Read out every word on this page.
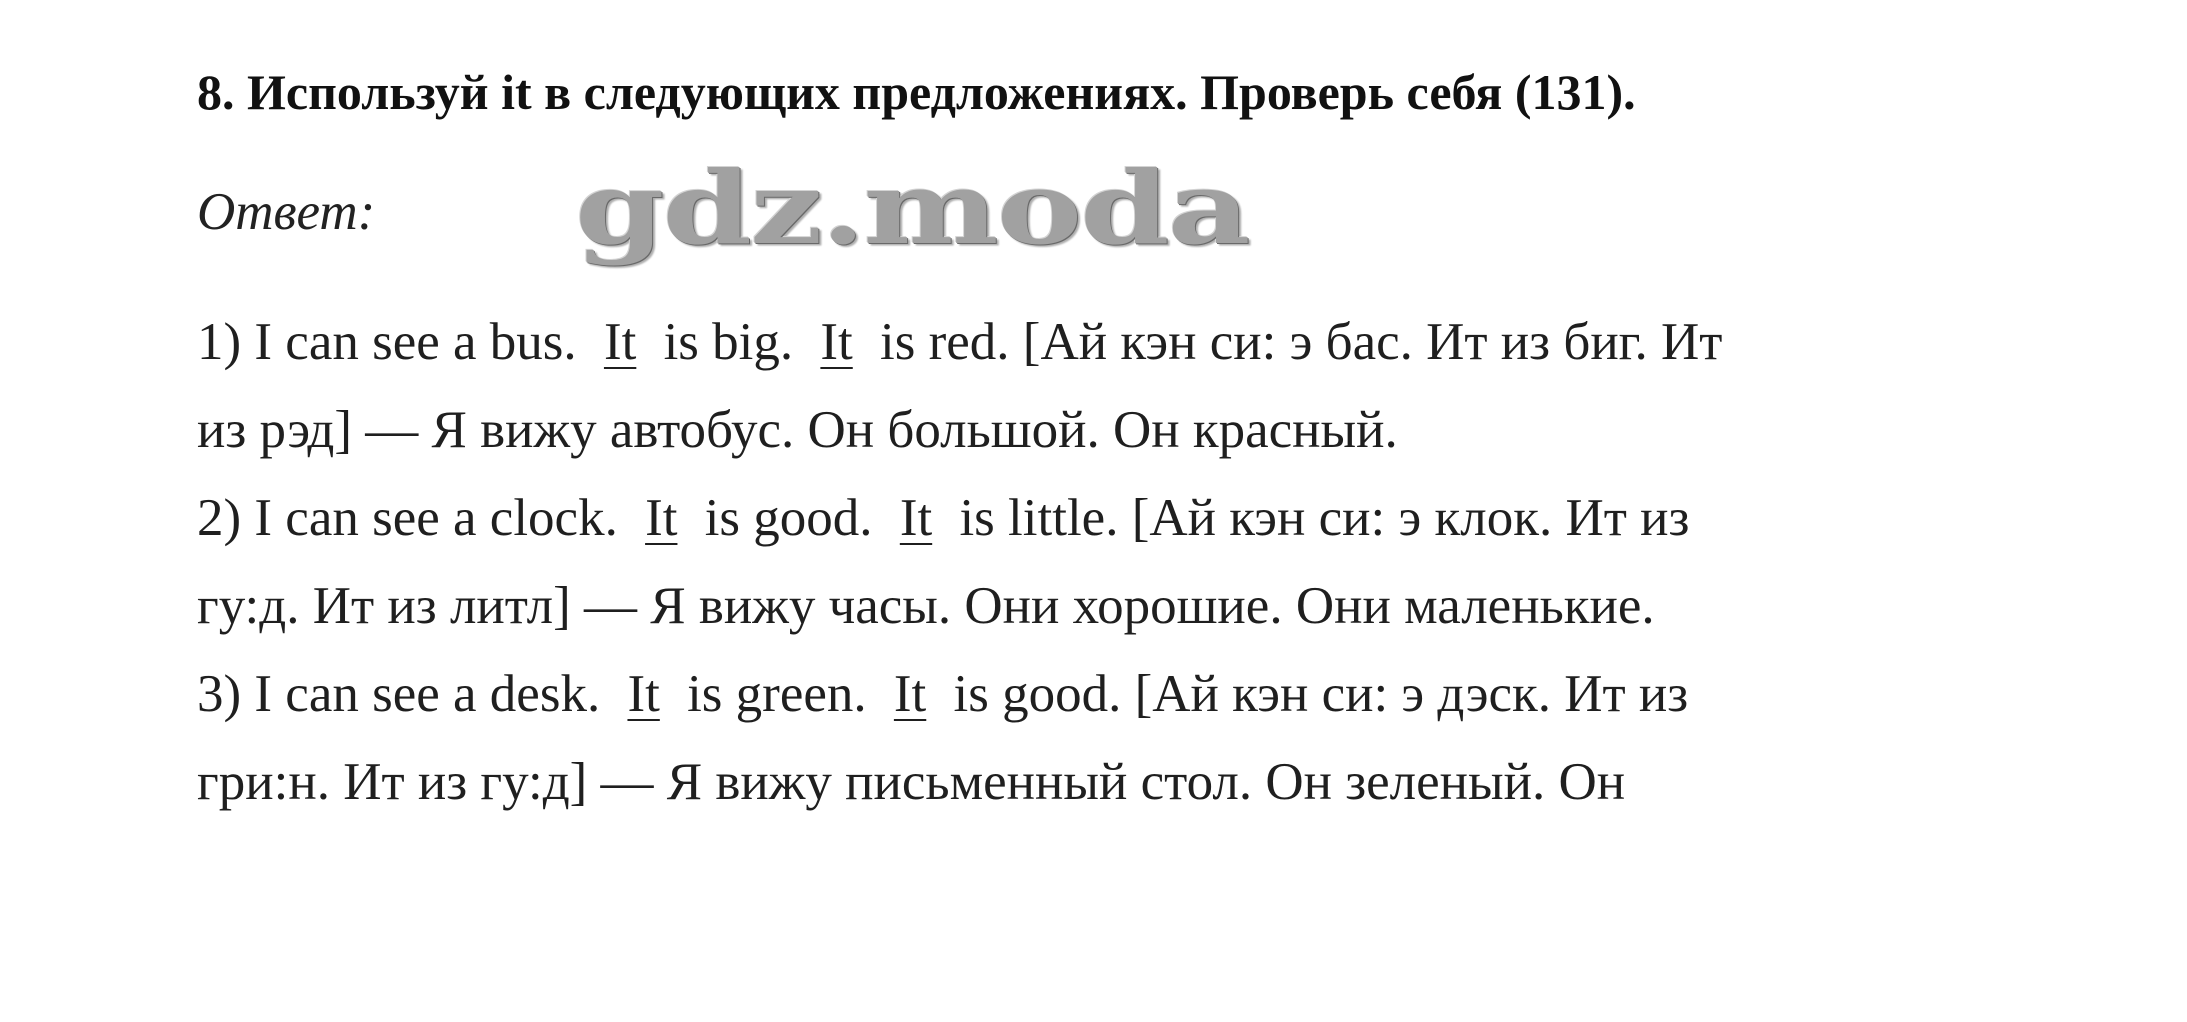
8. Используй it в следующих предложениях. Проверь себя (131).
Ответ: gdz.moda
1) I can see a bus. It is big. It is red. [Ай кэн си: э бас. Ит из биг. Ит
из рэд] — Я вижу автобус. Он большой. Он красный.
2) I can see a clock. It is good. It is little. [Ай кэн си: э клок. Ит из
гу:д. Ит из литл] — Я вижу часы. Они хорошие. Они маленькие.
3) I can see a desk. It is green. It is good. [Ай кэн си: э дэск. Ит из
гри:н. Ит из гу:д] — Я вижу письменный стол. Он зеленый. Он
